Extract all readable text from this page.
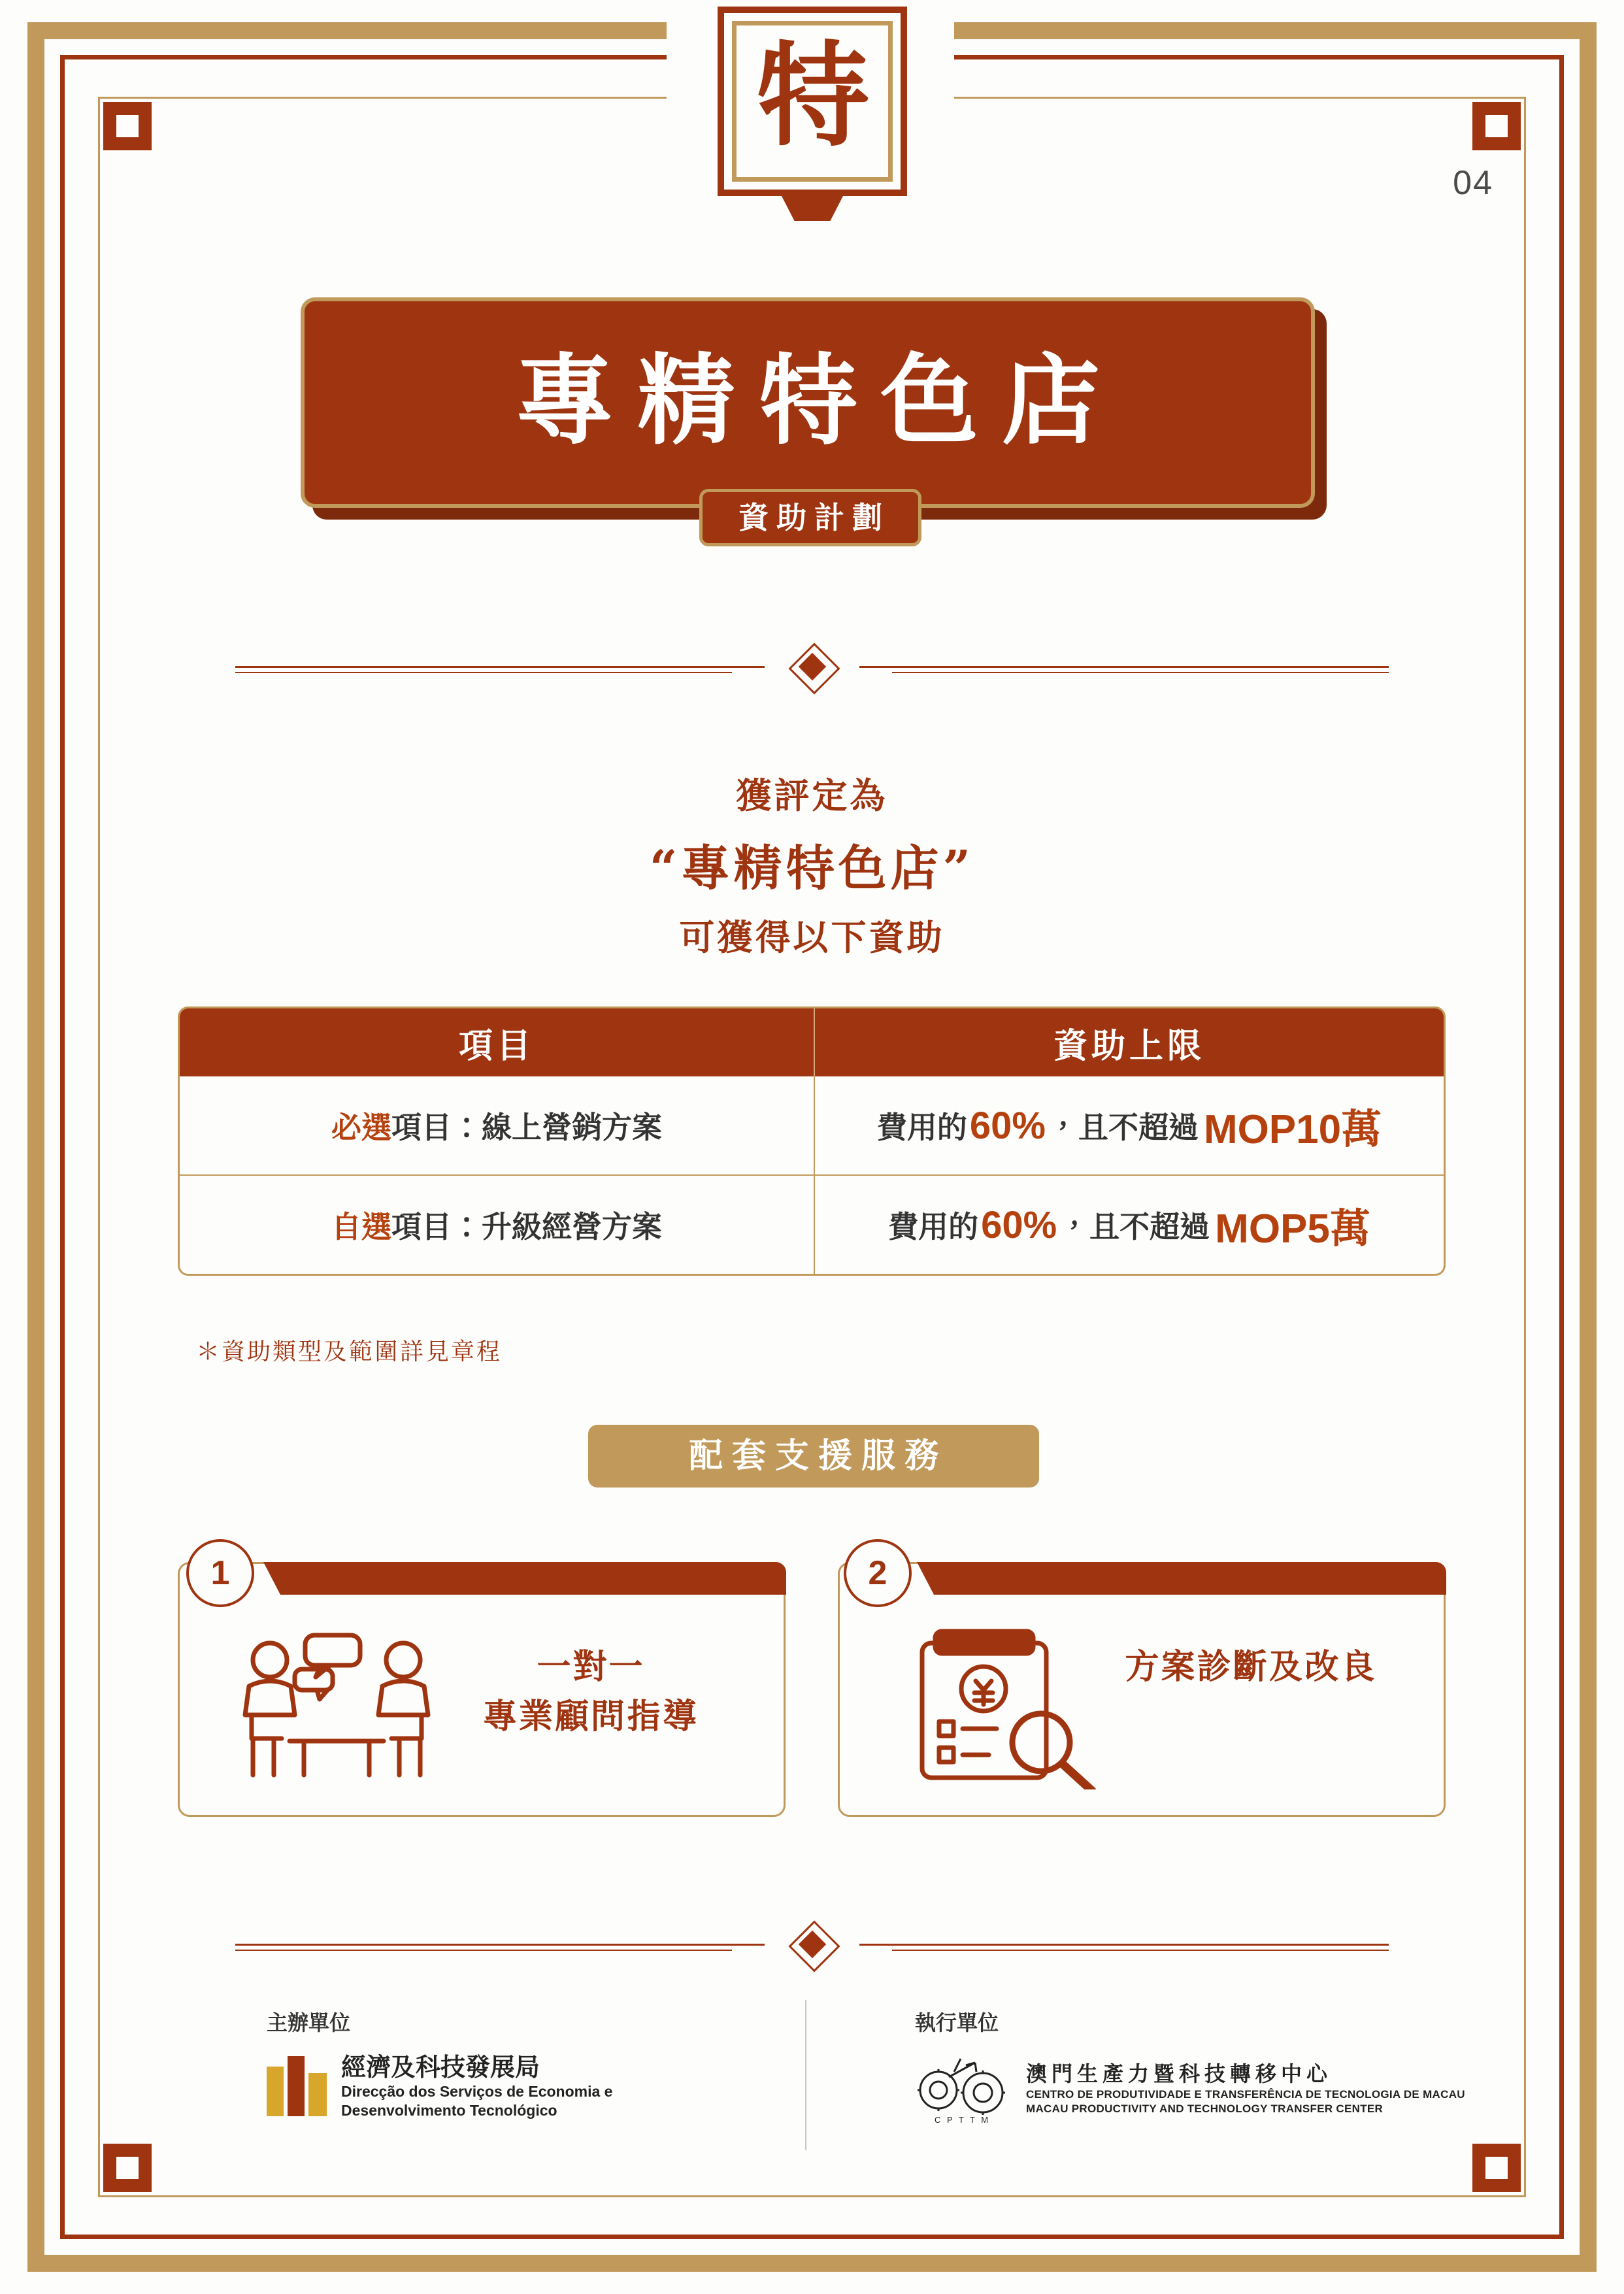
特
04
專精特色店
資助計劃
獲評定為
“專精特色店”
可獲得以下資助
項目	資助上限
必選 項目：線上營銷方案	費用的 60% ，且不超過 MOP10萬
自選 項目：升級經營方案	費用的 60% ，且不超過 MOP5萬
＊資助類型及範圍詳見章程
配套支援服務
1
一對一
專業顧問指導
2
方案診斷及改良
主辦單位
經濟及科技發展局
Direcção dos Serviços de Economia e
Desenvolvimento Tecnológico
執行單位
C P T T M
澳門生產力暨科技轉移中心
CENTRO DE PRODUTIVIDADE E TRANSFERÊNCIA DE TECNOLOGIA DE MACAU
MACAU PRODUCTIVITY AND TECHNOLOGY TRANSFER CENTER
